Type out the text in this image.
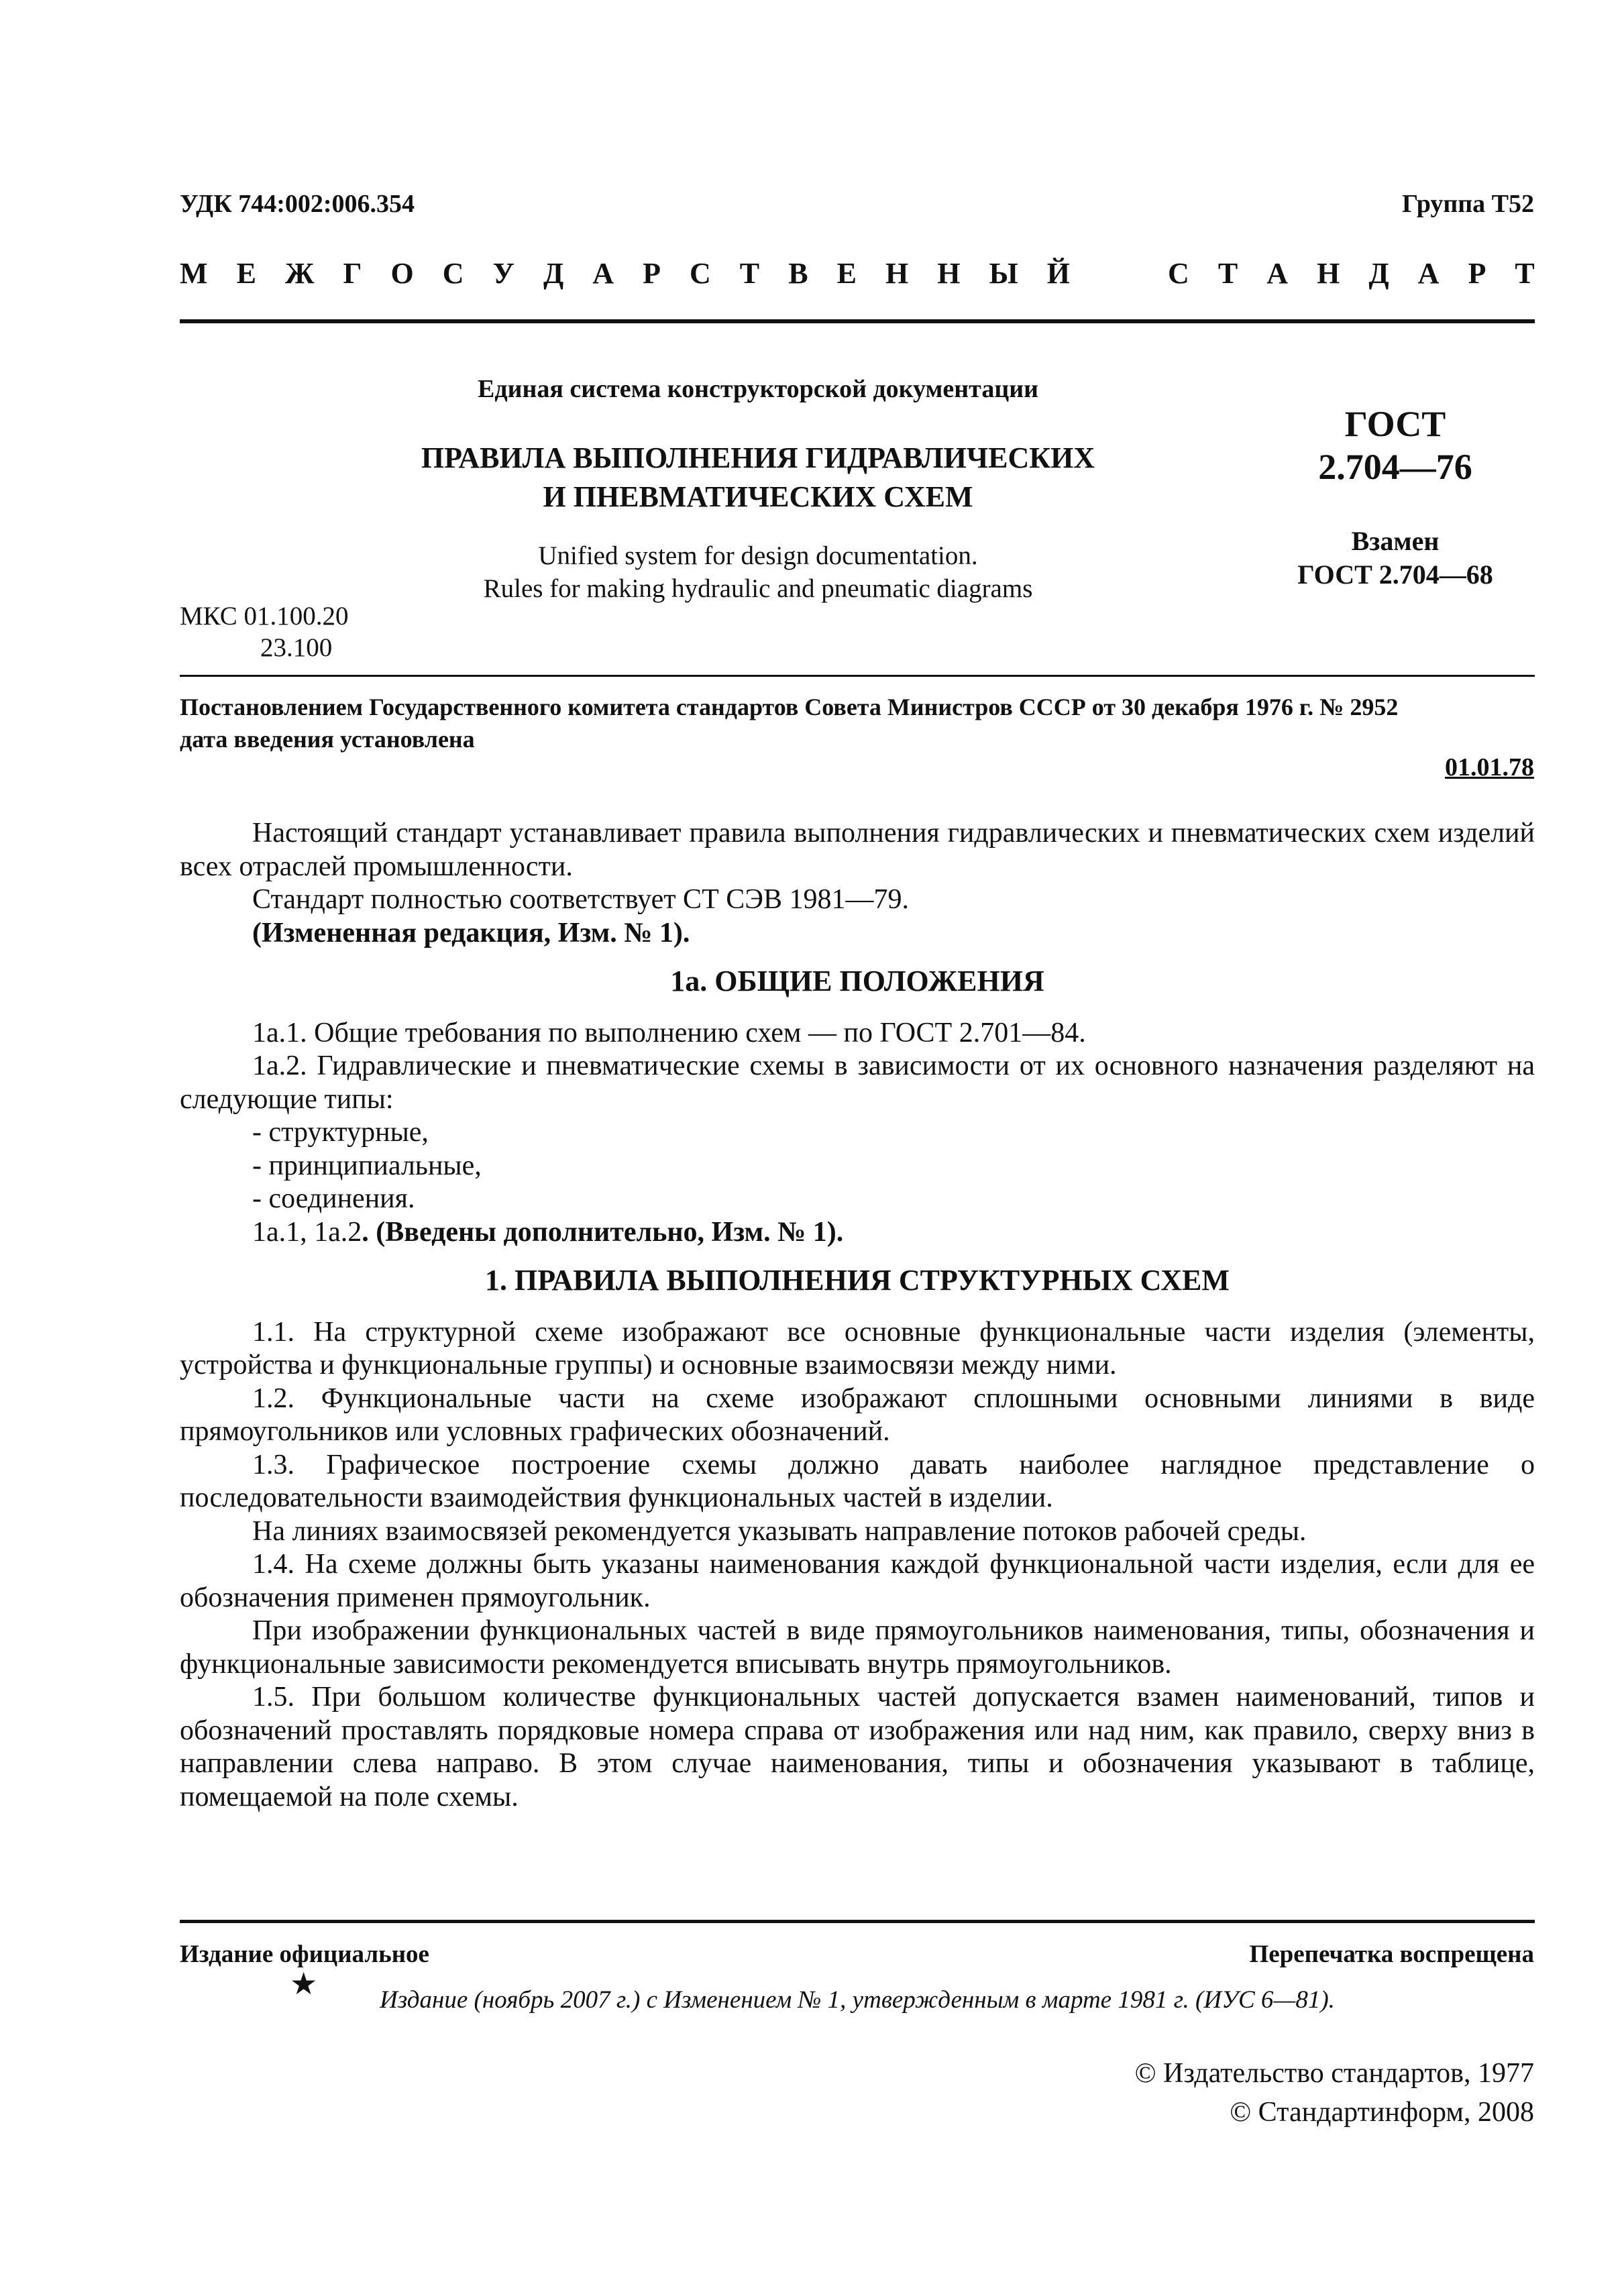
УДК 744:002:006.354	Группа Т52
М Е Ж Г О С У Д А Р С Т В Е Н Н Ы Й	С Т А Н Д А Р Т
Единая система конструкторской документации
ПРАВИЛА ВЫПОЛНЕНИЯ ГИДРАВЛИЧЕСКИХ
И ПНЕВМАТИЧЕСКИХ СХЕМ
Unified system for design documentation.
Rules for making hydraulic and pneumatic diagrams
ГОСТ
2.704—76
Взамен
ГОСТ 2.704—68
МКС 01.100.20
23.100
Постановлением Государственного комитета стандартов Совета Министров СССР от 30 декабря 1976 г. № 2952
дата введения установлена
01.01.78

Настоящий стандарт устанавливает правила выполнения гидравлических и пневматических схем изделий всех отраслей промышленности.

Стандарт полностью соответствует СТ СЭВ 1981—79.

(Измененная редакция, Изм. № 1).

1а. ОБЩИЕ ПОЛОЖЕНИЯ

1а.1. Общие требования по выполнению схем — по ГОСТ 2.701—84.

1а.2. Гидравлические и пневматические схемы в зависимости от их основного назначения разделяют на следующие типы:

- структурные,

- принципиальные,

- соединения.

1а.1, 1а.2. (Введены дополнительно, Изм. № 1).

1. ПРАВИЛА ВЫПОЛНЕНИЯ СТРУКТУРНЫХ СХЕМ

1.1. На структурной схеме изображают все основные функциональные части изделия (элементы, устройства и функциональные группы) и основные взаимосвязи между ними.

1.2. Функциональные части на схеме изображают сплошными основными линиями в виде прямоугольников или условных графических обозначений.

1.3. Графическое построение схемы должно давать наиболее наглядное представление о последовательности взаимодействия функциональных частей в изделии.

На линиях взаимосвязей рекомендуется указывать направление потоков рабочей среды.

1.4. На схеме должны быть указаны наименования каждой функциональной части изделия, если для ее обозначения применен прямоугольник.

При изображении функциональных частей в виде прямоугольников наименования, типы, обозначения и функциональные зависимости рекомендуется вписывать внутрь прямоугольников.

1.5. При большом количестве функциональных частей допускается взамен наименований, типов и обозначений проставлять порядковые номера справа от изображения или над ним, как правило, сверху вниз в направлении слева направо. В этом случае наименования, типы и обозначения указывают в таблице, помещаемой на поле схемы.

Издание официальное
★
Перепечатка воспрещена
Издание (ноябрь 2007 г.) с Изменением № 1, утвержденным в марте 1981 г. (ИУС 6—81).
© Издательство стандартов, 1977
© Стандартинформ, 2008
